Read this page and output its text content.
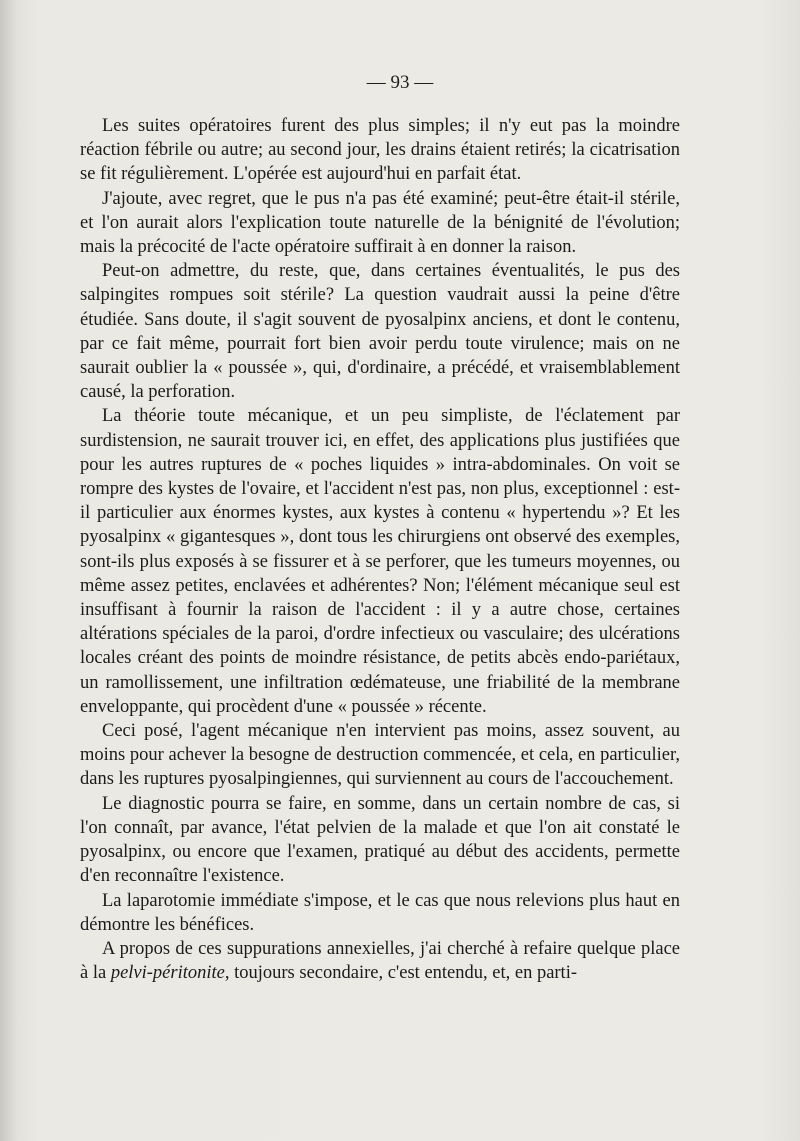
— 93 —

Les suites opératoires furent des plus simples; il n'y eut pas la moindre réaction fébrile ou autre; au second jour, les drains étaient retirés; la cicatrisation se fit régulièrement. L'opérée est aujourd'hui en parfait état.

J'ajoute, avec regret, que le pus n'a pas été examiné; peut-être était-il stérile, et l'on aurait alors l'explication toute naturelle de la bénignité de l'évolution; mais la précocité de l'acte opératoire suffirait à en donner la raison.

Peut-on admettre, du reste, que, dans certaines éventualités, le pus des salpingites rompues soit stérile? La question vaudrait aussi la peine d'être étudiée. Sans doute, il s'agit souvent de pyosalpinx anciens, et dont le contenu, par ce fait même, pourrait fort bien avoir perdu toute virulence; mais on ne saurait oublier la « poussée », qui, d'ordinaire, a précédé, et vraisemblablement causé, la perforation.

La théorie toute mécanique, et un peu simpliste, de l'éclatement par surdistension, ne saurait trouver ici, en effet, des applications plus justifiées que pour les autres ruptures de « poches liquides » intra-abdominales. On voit se rompre des kystes de l'ovaire, et l'accident n'est pas, non plus, exceptionnel : est-il particulier aux énormes kystes, aux kystes à contenu « hypertendu »? Et les pyosalpinx « gigantesques », dont tous les chirurgiens ont observé des exemples, sont-ils plus exposés à se fissurer et à se perforer, que les tumeurs moyennes, ou même assez petites, enclavées et adhérentes? Non; l'élément mécanique seul est insuffisant à fournir la raison de l'accident : il y a autre chose, certaines altérations spéciales de la paroi, d'ordre infectieux ou vasculaire; des ulcérations locales créant des points de moindre résistance, de petits abcès endo-pariétaux, un ramollissement, une infiltration œdémateuse, une friabilité de la membrane enveloppante, qui procèdent d'une « poussée » récente.

Ceci posé, l'agent mécanique n'en intervient pas moins, assez souvent, au moins pour achever la besogne de destruction commencée, et cela, en particulier, dans les ruptures pyosalpingiennes, qui surviennent au cours de l'accouchement.

Le diagnostic pourra se faire, en somme, dans un certain nombre de cas, si l'on connaît, par avance, l'état pelvien de la malade et que l'on ait constaté le pyosalpinx, ou encore que l'examen, pratiqué au début des accidents, permette d'en reconnaître l'existence.

La laparotomie immédiate s'impose, et le cas que nous relevions plus haut en démontre les bénéfices.

A propos de ces suppurations annexielles, j'ai cherché à refaire quelque place à la pelvi-péritonite, toujours secondaire, c'est entendu, et, en parti-
